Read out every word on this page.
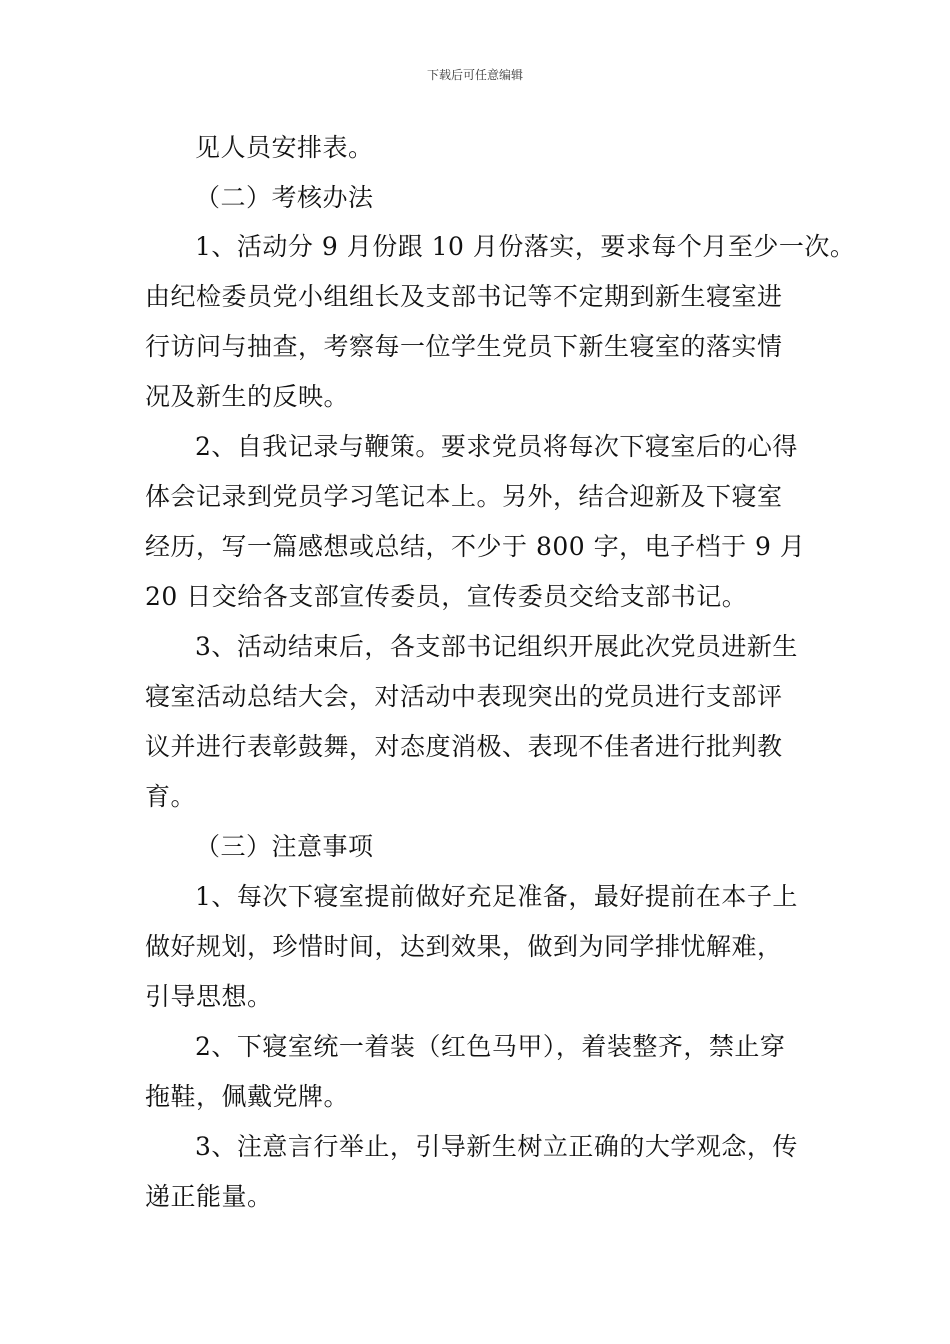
下载后可任意编辑
见人员安排表。
（二）考核办法
1、活动分 9 月份跟 10 月份落实，要求每个月至少一次。
由纪检委员党小组组长及支部书记等不定期到新生寝室进
行访问与抽查，考察每一位学生党员下新生寝室的落实情
况及新生的反映。
2、自我记录与鞭策。要求党员将每次下寝室后的心得
体会记录到党员学习笔记本上。另外，结合迎新及下寝室
经历，写一篇感想或总结，不少于 800 字，电子档于 9 月
20 日交给各支部宣传委员，宣传委员交给支部书记。
3、活动结束后，各支部书记组织开展此次党员进新生
寝室活动总结大会，对活动中表现突出的党员进行支部评
议并进行表彰鼓舞，对态度消极、表现不佳者进行批判教
育。
（三）注意事项
1、每次下寝室提前做好充足准备，最好提前在本子上
做好规划，珍惜时间，达到效果，做到为同学排忧解难，
引导思想。
2、下寝室统一着装（红色马甲），着装整齐，禁止穿
拖鞋，佩戴党牌。
3、注意言行举止，引导新生树立正确的大学观念，传
递正能量。
